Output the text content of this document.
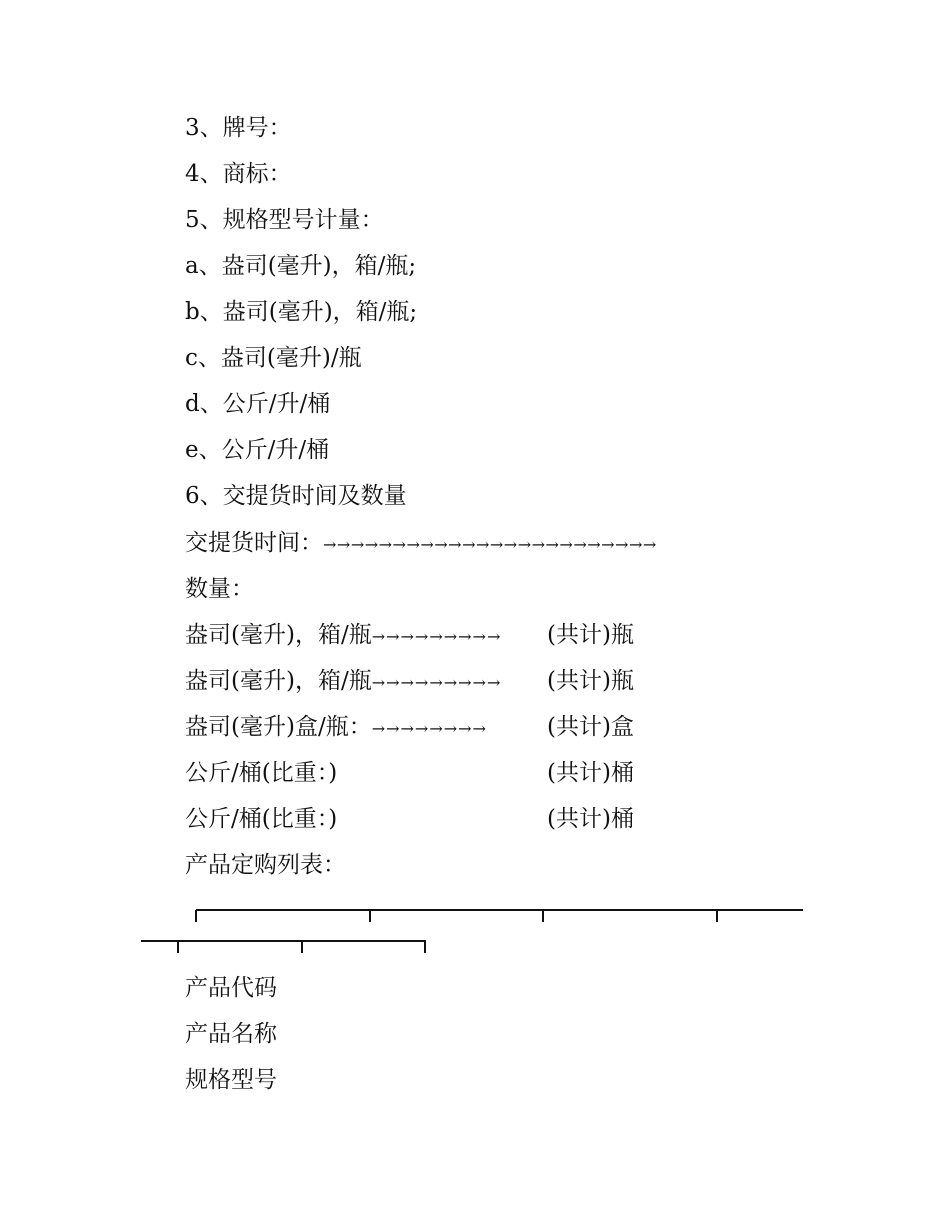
3、牌号：
4、商标：
5、规格型号计量：
a、盎司(毫升)，箱/瓶;
b、盎司(毫升)，箱/瓶;
c、盎司(毫升)/瓶
d、公斤/升/桶
e、公斤/升/桶
6、交提货时间及数量
交提货时间：→→→→→→→→→→→→→→→→→→→→→→→→
数量：
盎司(毫升)，箱/瓶→→→→→→→→→ (共计)瓶
盎司(毫升)，箱/瓶→→→→→→→→→ (共计)瓶
盎司(毫升)盒/瓶：→→→→→→→→	(共计)盒
公斤/桶(比重：)	(共计)桶
公斤/桶(比重：)	(共计)桶
产品定购列表：
产品代码
产品名称
规格型号
